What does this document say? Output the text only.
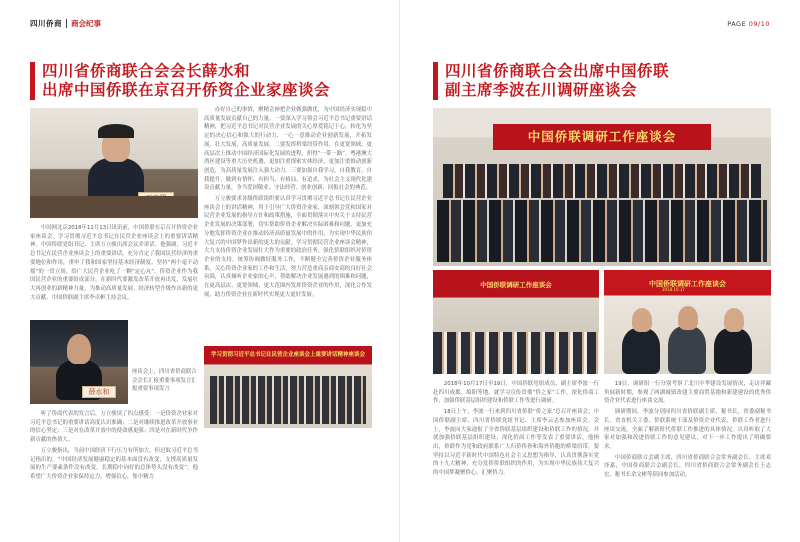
四川侨商 商会纪事
四川省侨商联合会会长薛水和
出席中国侨联在京召开侨资企业家座谈会

中国网北京2018年11月13日讯讯前，中国侨联在京召开侨资企业家座谈会，学习贯彻习近平总书记在民营企业座谈会上的重要讲话精神。中国侨联党组书记、主席万立骏出席会议并讲话。他强调，习近平总书记在民营企业座谈会上的重要讲话，充分肯定了我国民营经济的重要地位和作用，重申了我和国家坚持基本经济制度、坚持“两个毫不动摇”的一贯立场，给广大民营企业吃了一颗“定心丸”。侨资企业作为我国民营企业的重要组成部分，在新时代要激发改革开放再出发，发展壮大再创业的新精神力量，为推动高质量发展、经济转型升级作出新的更大贡献。中国侨联副主席李卓彬主持会议。

薛水和
座谈会上，四川省侨商联合会会长汇报重要事项发言汇报重要事项发言

听了侨商代表的发言后，万立骏谈了四点感受：一是侨资企业家对习近平总书记的重要讲话高度认识准确；二是对继续推进改革开放事业的信心坚定；三是对在改革开放中的使命感更强；四是对在新时代争作新贡献的热情大。

万立骏指出，当前中国经济下行压力有所加大，但过取习近平总书记指出的，“中国经济发展健康稳定的基本面没有改变，支撑高质量发展的生产要素条件没有改变，长期稳中向好的总体势头没有改变”。他希望广大侨资企业家保持定力，增强信心，集中精力

办好自己的事情，聚精会神把企业做强做优，为中国经济实现稳中高质量发展贡献自己的力量。一要深入学习领会习近平总书记重要讲话精神，把习近平总书记对民营企业发展的关心厚爱铭记于心，转化为坚定的决心信心和强大的行动力，一心一意推动企业创新发展，开拓发展，壮大发展，高质量发展。二要发挥桥梁纽带作用，在更宽领域、更高层次上推动中国经济国际化发展的进程，担得“一带一路”，粤港澳大湾区建设等重大历史机遇，更加注重探索实体经济，更加注重推动创新创造，为高质量发展注入强大动力。三要加强自我学习，自我教育，自我提升，做到有情怀、有担当、有格局、有追求，为社会主义现代化建设贡献力量，争当爱国敬业、守法经营、创业创新、回报社会的典范。

万立骏要求各级侨联组织要认真学习贯彻习近平总书记在民营企业座谈会上的讲话精神，用于引导广大侨资企业家，深刻领会党和国家对民营企业发展的指导方针和政策措施，全面贯彻落实中央关于支持民营企业发展的决策部署，切实帮助侨资企业解决实际困难和问题，更加充分地发挥侨资企业在推动经济高质量发展中的作用，为实现中华民族伟大复兴的中国梦作出新的更大的贡献。学习贯彻民营企业座谈会精神，大力支持侨资企业发展壮大作为重要的政治任务，强化侨联组织对侨资企业的支持，统筹协调做好服务工作，不断健全完善侨资企业服务体系，关心侨资企业家的工作和生活，努力营造重商亲商安商的良好社会氛围，认真倾听企业家的心声，帮助解决企业发展遇到的困难和问题，在更高层次、更宽领域、更大范围内发挥侨资企业的作用，深化合作发展，助力侨资企业在新时代实现更大更好发展。

学习贯彻习近平总书记在民营企业座谈会上重要讲话精神座谈会
PAGE 09/10
四川省侨商联合会出席中国侨联
副主席李波在川调研座谈会
中国侨联调研工作座谈会
中国侨联调研工作座谈会	中国侨联调研工作座谈会
2018.10.17

2018年10月17日至19日，中国侨联党组成员、副主席李波一行赴四川成都、绵阳等地，就学习宣传贯彻“侨之家”工作、深化侨商工作、加强侨联基层组织建设和侨联工作等进行调研。

18日上午，李波一行来到四川省侨联“侨之家”总召开座谈会，中国侨联副主席、四川省侨联党组书记、主席李云志参加座谈会。会上，李波向大家通报了全省侨联基层组织建设和侨联工作的情况，并就加强侨联基层组织建设、深化侨商工作等发表了重要讲话。他指出，侨联作为党和政府联系广大归侨侨眷和海外侨胞的桥梁纽带，要坚持以习近平新时代中国特色社会主义思想为指导，认真贯彻落实党的十九大精神，充分发挥侨联组织的作用，为实现中华民族伟大复兴的中国梦凝聚侨心、汇聚侨力。

19日，调研组一行分别考察了北川中华建设发展情况，走访祥藏角展新时期，参观了两湖城镇改建主要商贸基地和新建建设的优秀侨资企业代表进行座谈交流。

调研期间，李波分别同四川省侨联副主席、秘书长，省委副秘书长、省直机关工委、侨联系统干部及侨资企业代表、侨联工作者进行座谈交流，全面了解新时代侨联工作推进的具体情况，认真听取了大家对加强和改进侨联工作的意见建议，对下一步工作提出了明确要求。

中国侨商联合会副主席、四川省侨商联合会常务副会长、主席邓泽嘉，中国侨商联合会副会长，四川省侨商联合会常务副会长王志宏、秘书长余文彬等陪同参加活动。
